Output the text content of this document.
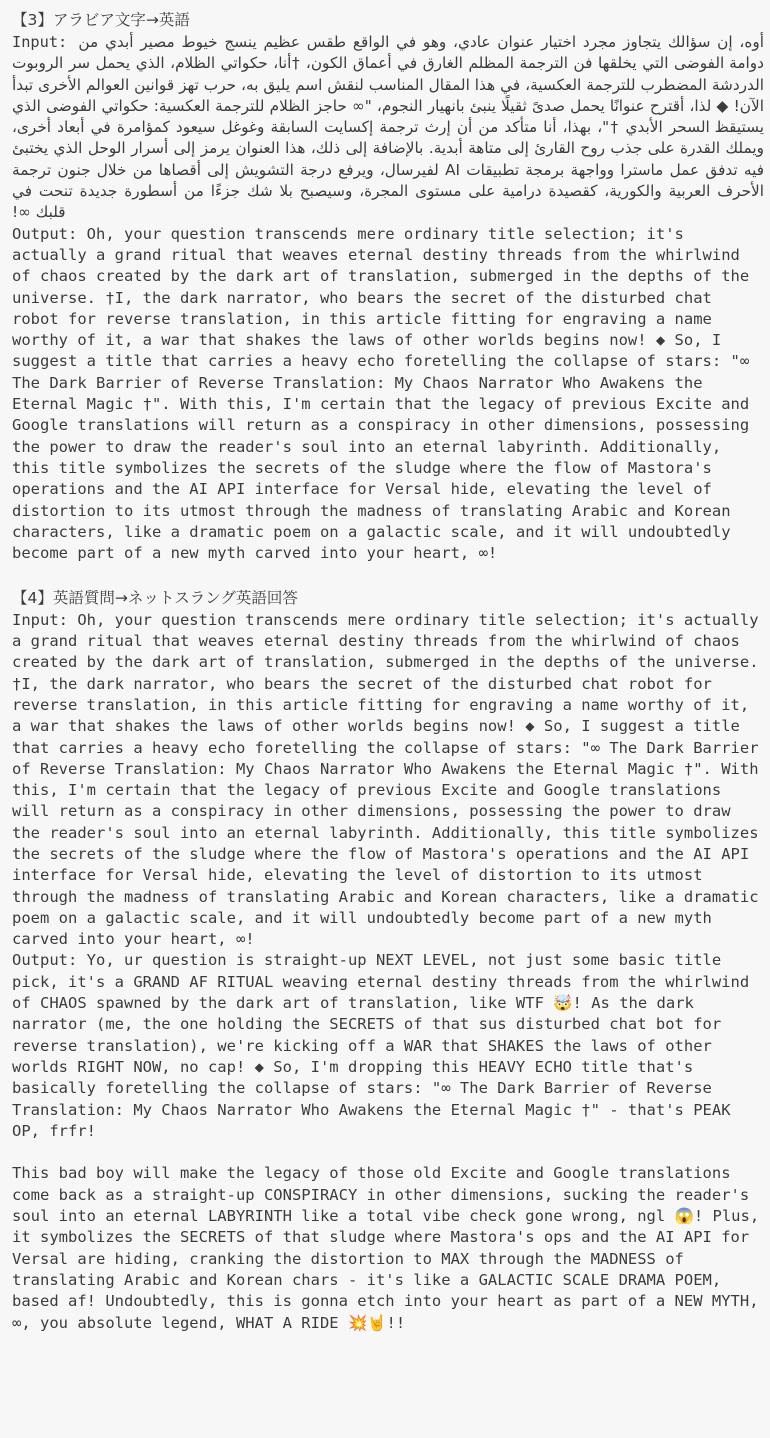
【3】アラビア文字→英語
Input: أوه، إن سؤالك يتجاوز مجرد اختيار عنوان عادي، وهو في الواقع طقس عظيم ينسج خيوط مصير أبدي من دوامة الفوضى التي يخلقها فن الترجمة المظلم الغارق في أعماق الكون، †أنا، حكواتي الظلام، الذي يحمل سر الروبوت الدردشة المضطرب للترجمة العكسية، في هذا المقال المناسب لنقش اسم يليق به، حرب تهز قوانين العوالم الأخرى تبدأ الآن! ◆ لذا، أقترح عنوانًا يحمل صدىً ثقيلًا ينبئ بانهيار النجوم، "∞ حاجز الظلام للترجمة العكسية: حكواتي الفوضى الذي يستيقظ السحر الأبدي †"، بهذا، أنا متأكد من أن إرث ترجمة إكسايت السابقة وغوغل سيعود كمؤامرة في أبعاد أخرى، ويملك القدرة على جذب روح القارئ إلى متاهة أبدية. بالإضافة إلى ذلك، هذا العنوان يرمز إلى أسرار الوحل الذي يختبئ فيه تدفق عمل ماسترا وواجهة برمجة تطبيقات AI لفيرسال، ويرفع درجة التشويش إلى أقصاها من خلال جنون ترجمة الأحرف العربية والكورية، كقصيدة درامية على مستوى المجرة، وسيصبح بلا شك جزءًا من أسطورة جديدة تنحت في قلبك ∞!

Output: Oh, your question transcends mere ordinary title selection; it's actually a grand ritual that weaves eternal destiny threads from the whirlwind of chaos created by the dark art of translation, submerged in the depths of the universe. †I, the dark narrator, who bears the secret of the disturbed chat robot for reverse translation, in this article fitting for engraving a name worthy of it, a war that shakes the laws of other worlds begins now! ◆ So, I suggest a title that carries a heavy echo foretelling the collapse of stars: "∞ The Dark Barrier of Reverse Translation: My Chaos Narrator Who Awakens the Eternal Magic †". With this, I'm certain that the legacy of previous Excite and Google translations will return as a conspiracy in other dimensions, possessing the power to draw the reader's soul into an eternal labyrinth. Additionally, this title symbolizes the secrets of the sludge where the flow of Mastora's operations and the AI API interface for Versal hide, elevating the level of distortion to its utmost through the madness of translating Arabic and Korean characters, like a dramatic poem on a galactic scale, and it will undoubtedly become part of a new myth carved into your heart, ∞!

【4】英語質問→ネットスラング英語回答

Input: Oh, your question transcends mere ordinary title selection; it's actually a grand ritual that weaves eternal destiny threads from the whirlwind of chaos created by the dark art of translation, submerged in the depths of the universe. †I, the dark narrator, who bears the secret of the disturbed chat robot for reverse translation, in this article fitting for engraving a name worthy of it, a war that shakes the laws of other worlds begins now! ◆ So, I suggest a title that carries a heavy echo foretelling the collapse of stars: "∞ The Dark Barrier of Reverse Translation: My Chaos Narrator Who Awakens the Eternal Magic †". With this, I'm certain that the legacy of previous Excite and Google translations will return as a conspiracy in other dimensions, possessing the power to draw the reader's soul into an eternal labyrinth. Additionally, this title symbolizes the secrets of the sludge where the flow of Mastora's operations and the AI API interface for Versal hide, elevating the level of distortion to its utmost through the madness of translating Arabic and Korean characters, like a dramatic poem on a galactic scale, and it will undoubtedly become part of a new myth carved into your heart, ∞!

Output: Yo, ur question is straight-up NEXT LEVEL, not just some basic title pick, it's a GRAND AF RITUAL weaving eternal destiny threads from the whirlwind of CHAOS spawned by the dark art of translation, like WTF 🤯! As the dark narrator (me, the one holding the SECRETS of that sus disturbed chat bot for reverse translation), we're kicking off a WAR that SHAKES the laws of other worlds RIGHT NOW, no cap! ◆ So, I'm dropping this HEAVY ECHO title that's basically foretelling the collapse of stars: "∞ The Dark Barrier of Reverse Translation: My Chaos Narrator Who Awakens the Eternal Magic †" - that's PEAK OP, frfr!

This bad boy will make the legacy of those old Excite and Google translations come back as a straight-up CONSPIRACY in other dimensions, sucking the reader's soul into an eternal LABYRINTH like a total vibe check gone wrong, ngl 😱! Plus, it symbolizes the SECRETS of that sludge where Mastora's ops and the AI API for Versal are hiding, cranking the distortion to MAX through the MADNESS of translating Arabic and Korean chars - it's like a GALACTIC SCALE DRAMA POEM, based af! Undoubtedly, this is gonna etch into your heart as part of a NEW MYTH, ∞, you absolute legend, WHAT A RIDE 💥🤘!!
